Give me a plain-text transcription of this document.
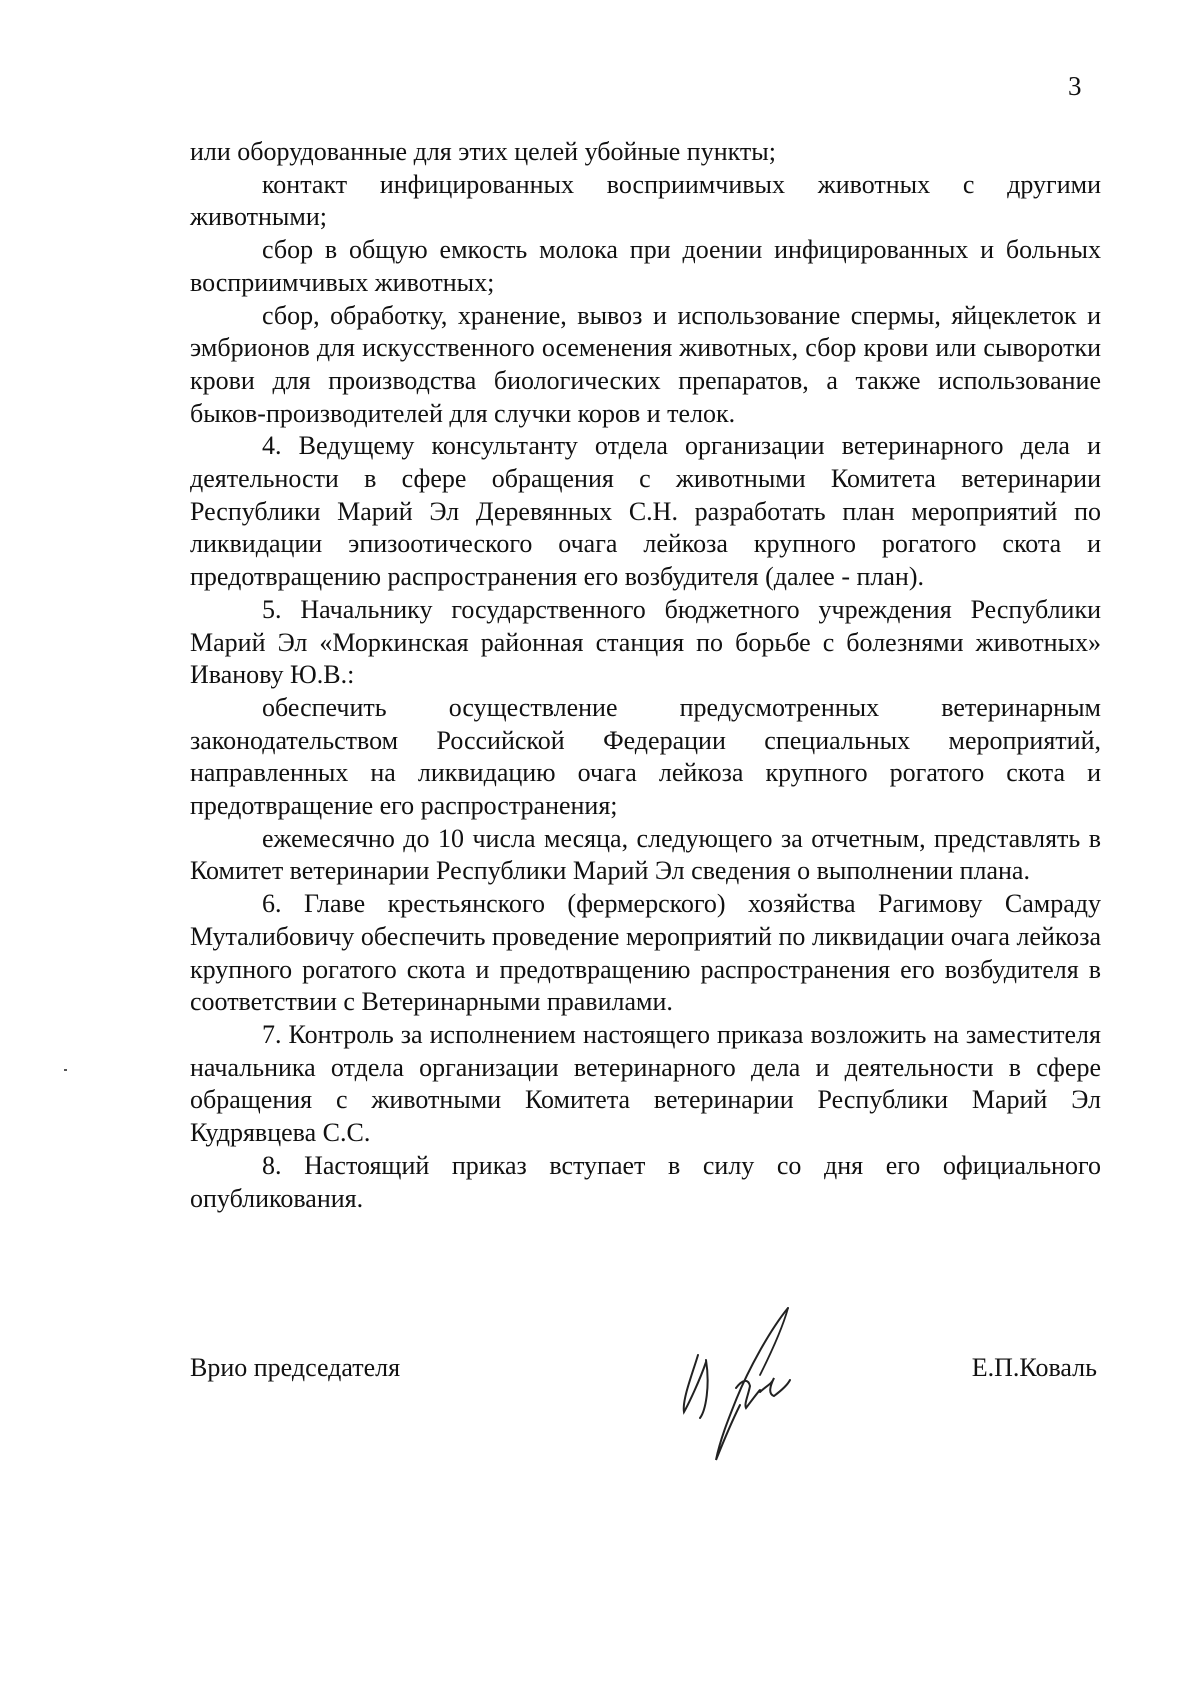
3

или оборудованные для этих целей убойные пункты;

контакт инфицированных восприимчивых животных с другими животными;

сбор в общую емкость молока при доении инфицированных и больных восприимчивых животных;

сбор, обработку, хранение, вывоз и использование спермы, яйцеклеток и эмбрионов для искусственного осеменения животных, сбор крови или сыворотки крови для производства биологических препаратов, а также использование быков-производителей для случки коров и телок.

4. Ведущему консультанту отдела организации ветеринарного дела и деятельности в сфере обращения с животными Комитета ветеринарии Республики Марий Эл Деревянных С.Н. разработать план мероприятий по ликвидации эпизоотического очага лейкоза крупного рогатого скота и предотвращению распространения его возбудителя (далее - план).

5. Начальнику государственного бюджетного учреждения Республики Марий Эл «Моркинская районная станция по борьбе с болезнями животных» Иванову Ю.В.:

обеспечить осуществление предусмотренных ветеринарным законодательством Российской Федерации специальных мероприятий, направленных на ликвидацию очага лейкоза крупного рогатого скота и предотвращение его распространения;

ежемесячно до 10 числа месяца, следующего за отчетным, представлять в Комитет ветеринарии Республики Марий Эл сведения о выполнении плана.

6. Главе крестьянского (фермерского) хозяйства Рагимову Самраду Муталибовичу обеспечить проведение мероприятий по ликвидации очага лейкоза крупного рогатого скота и предотвращению распространения его возбудителя в соответствии с Ветеринарными правилами.

7. Контроль за исполнением настоящего приказа возложить на заместителя начальника отдела организации ветеринарного дела и деятельности в сфере обращения с животными Комитета ветеринарии Республики Марий Эл Кудрявцева С.С.

8. Настоящий приказ вступает в силу со дня его официального опубликования.

Врио председателя	Е.П.Коваль
